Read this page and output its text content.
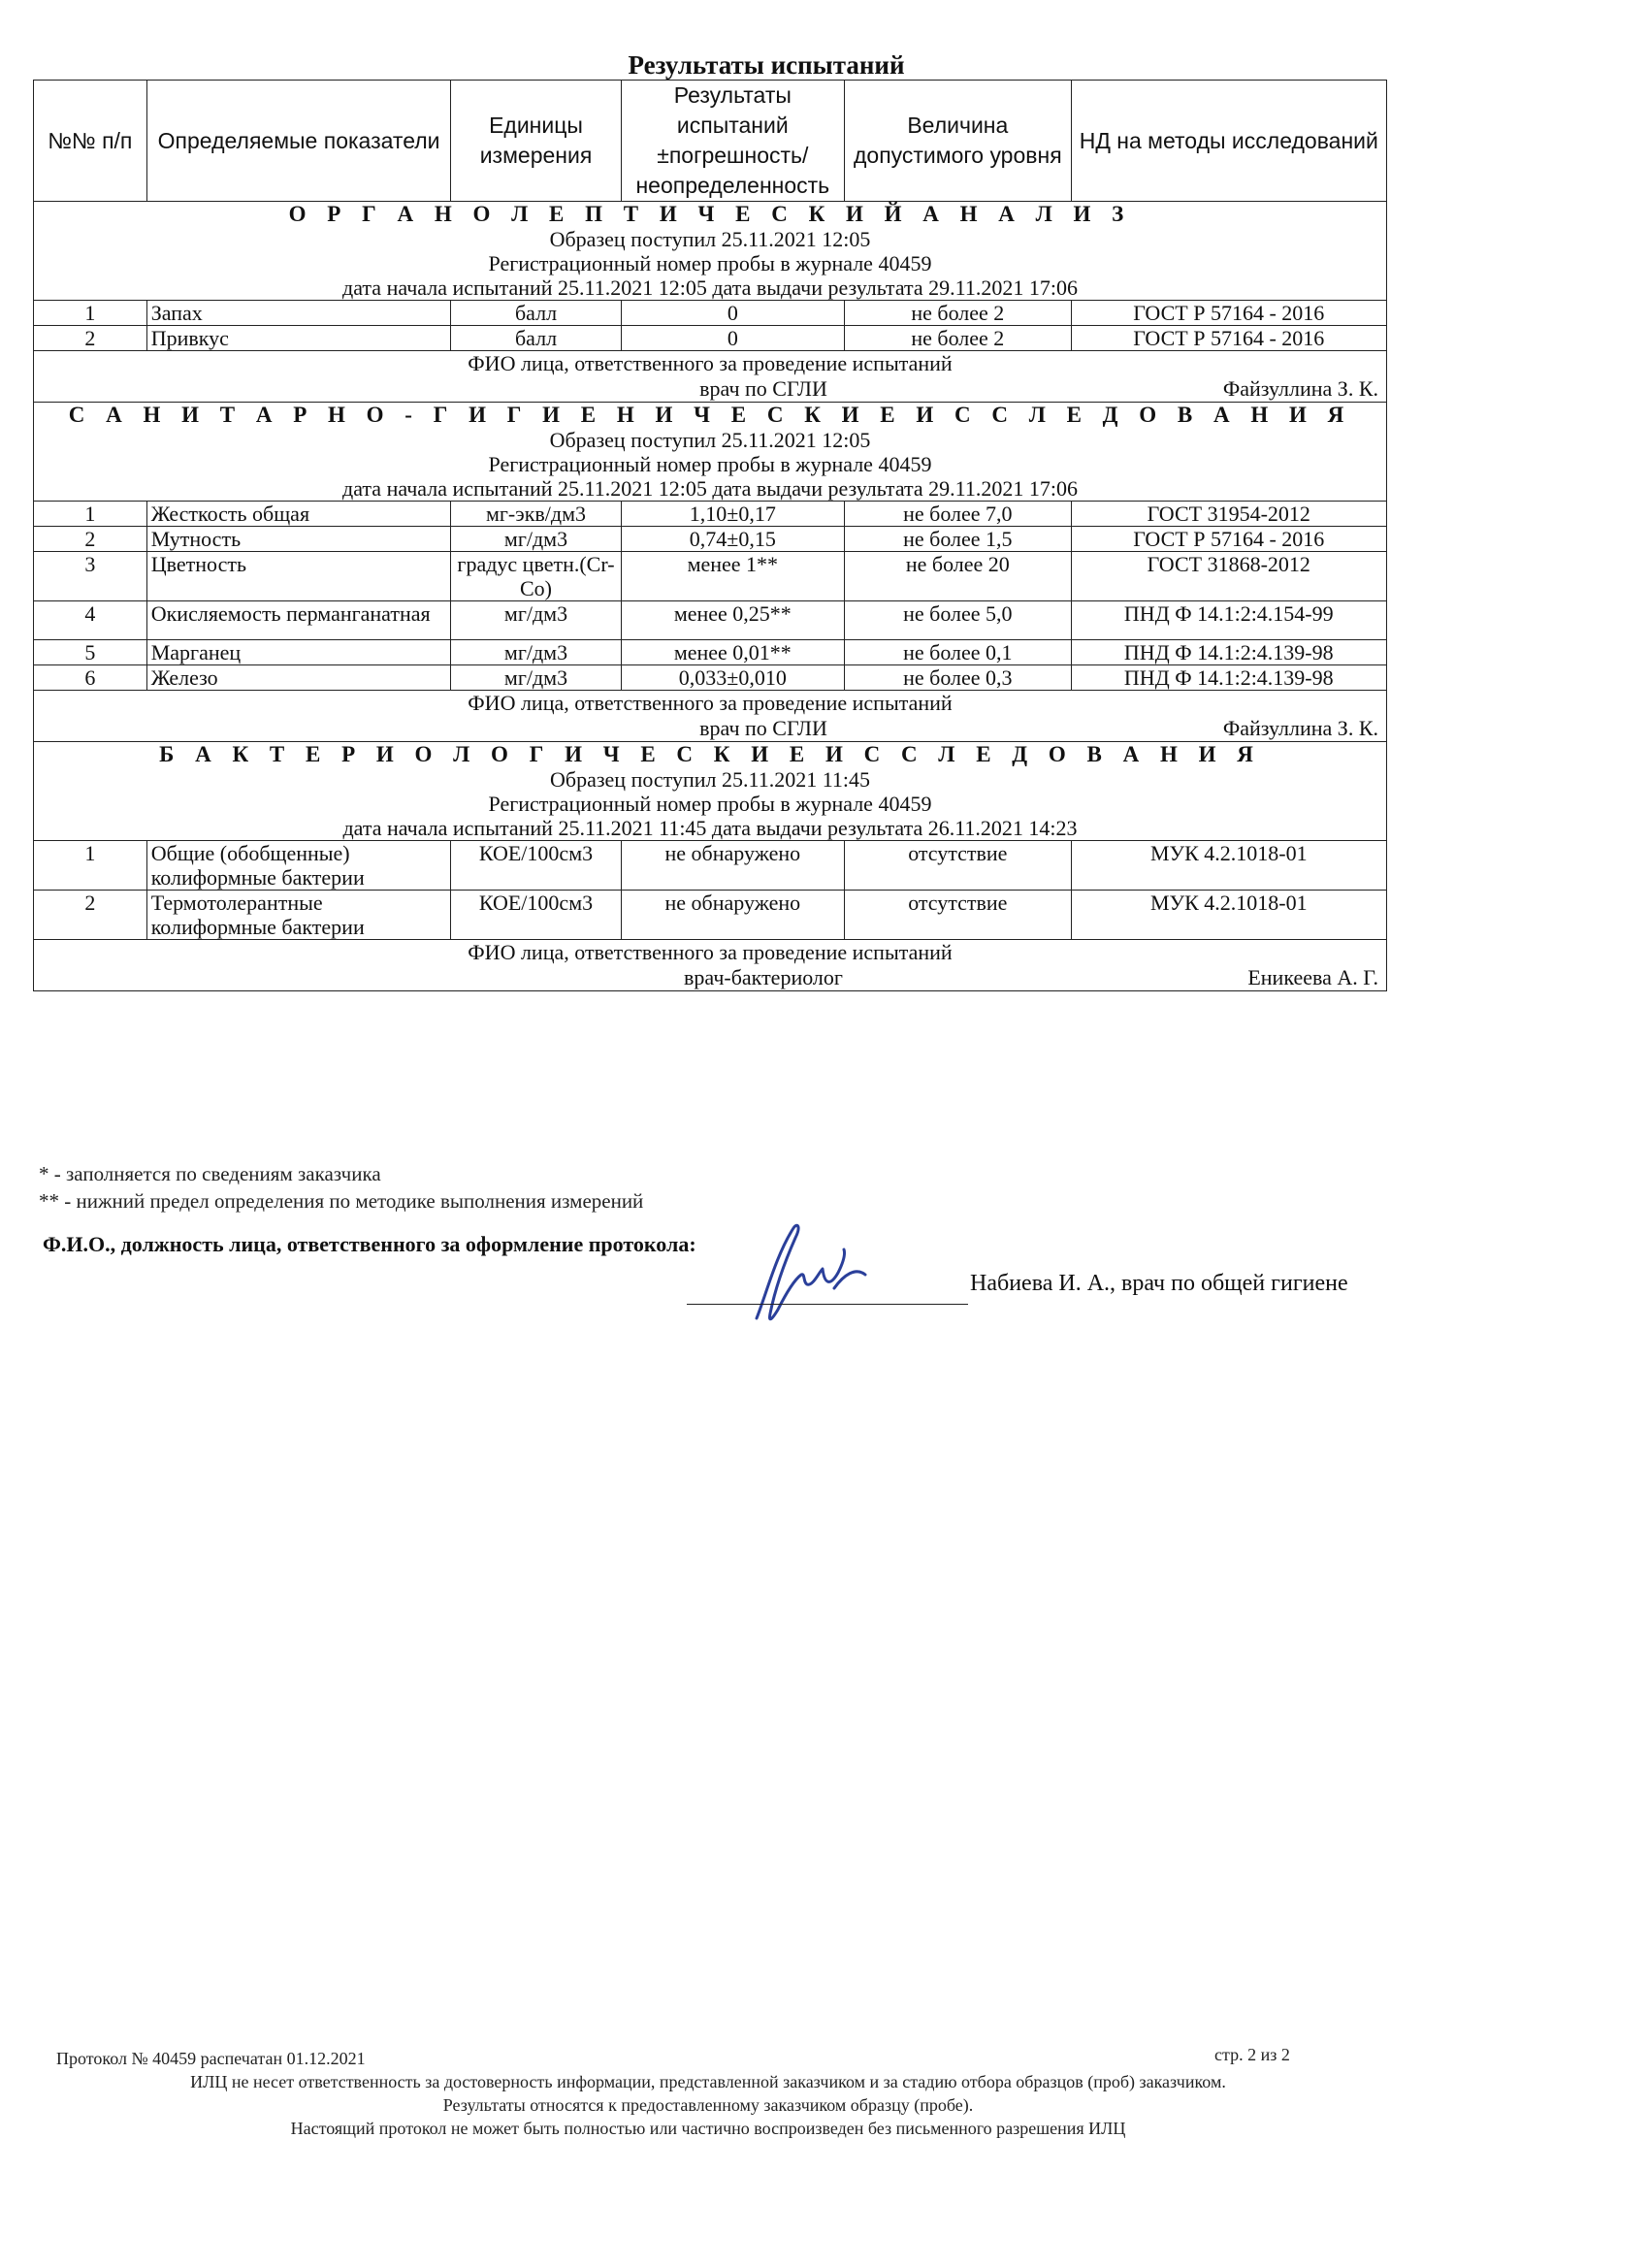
Результаты испытаний
№№ п/п	Определяемые показатели	Единицы измерения	Результаты испытаний ±погрешность/ неопределенность	Величина допустимого уровня	НД на методы исследований

О Р Г А Н О Л Е П Т И Ч Е С К И Й А Н А Л И З
Образец поступил 25.11.2021 12:05
Регистрационный номер пробы в журнале 40459
дата начала испытаний 25.11.2021 12:05 дата выдачи результата 29.11.2021 17:06					

1	Запах	балл	0	не более 2	ГОСТ Р 57164 - 2016
2	Привкус	балл	0	не более 2	ГОСТ Р 57164 - 2016

ФИО лица, ответственного за проведение испытаний
врач по СГЛИ Файзуллина З. К.					

С А Н И Т А Р Н О - Г И Г И Е Н И Ч Е С К И Е И С С Л Е Д О В А Н И Я
Образец поступил 25.11.2021 12:05
Регистрационный номер пробы в журнале 40459
дата начала испытаний 25.11.2021 12:05 дата выдачи результата 29.11.2021 17:06					

1	Жесткость общая	мг-экв/дм3	1,10±0,17	не более 7,0	ГОСТ 31954-2012
2	Мутность	мг/дм3	0,74±0,15	не более 1,5	ГОСТ Р 57164 - 2016
3	Цветность	градус цветн.(Cr-Co)	менее 1**	не более 20	ГОСТ 31868-2012
4	Окисляемость перманганатная	мг/дм3	менее 0,25**	не более 5,0	ПНД Ф 14.1:2:4.154-99
5	Марганец	мг/дм3	менее 0,01**	не более 0,1	ПНД Ф 14.1:2:4.139-98
6	Железо	мг/дм3	0,033±0,010	не более 0,3	ПНД Ф 14.1:2:4.139-98

ФИО лица, ответственного за проведение испытаний
врач по СГЛИ Файзуллина З. К.					

Б А К Т Е Р И О Л О Г И Ч Е С К И Е И С С Л Е Д О В А Н И Я
Образец поступил 25.11.2021 11:45
Регистрационный номер пробы в журнале 40459
дата начала испытаний 25.11.2021 11:45 дата выдачи результата 26.11.2021 14:23					

1	Общие (обобщенные) колиформные бактерии	КОЕ/100см3	не обнаружено	отсутствие	МУК 4.2.1018-01
2	Термотолерантные колиформные бактерии	КОЕ/100см3	не обнаружено	отсутствие	МУК 4.2.1018-01

ФИО лица, ответственного за проведение испытаний
врач-бактериолог Еникеева А. Г.					
* - заполняется по сведениям заказчика
** - нижний предел определения по методике выполнения измерений
Ф.И.О., должность лица, ответственного за оформление протокола:
Набиева И. А., врач по общей гигиене
Протокол № 40459 распечатан 01.12.2021	стр. 2 из 2
ИЛЦ не несет ответственность за достоверность информации, представленной заказчиком и за стадию отбора образцов (проб) заказчиком.
Результаты относятся к предоставленному заказчиком образцу (пробе).
Настоящий протокол не может быть полностью или частично воспроизведен без письменного разрешения ИЛЦ
